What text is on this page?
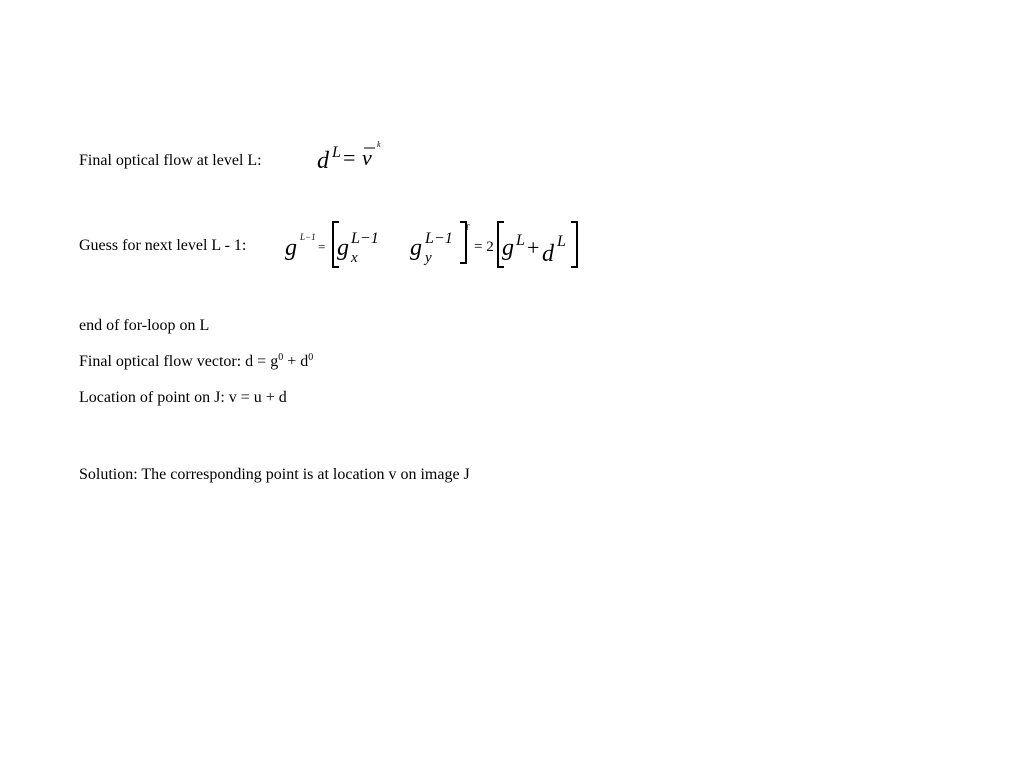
Final optical flow at level L: d L = ν
k
Guess for next level L - 1: g L−1
= g L−1
x g L−1
y
T
= 2 g L + d L
end of for-loop on L
Final optical flow vector: $d = g^0 + d^0$
Location of point on J: v = u + d
Solution: The corresponding point is at location v on image J
